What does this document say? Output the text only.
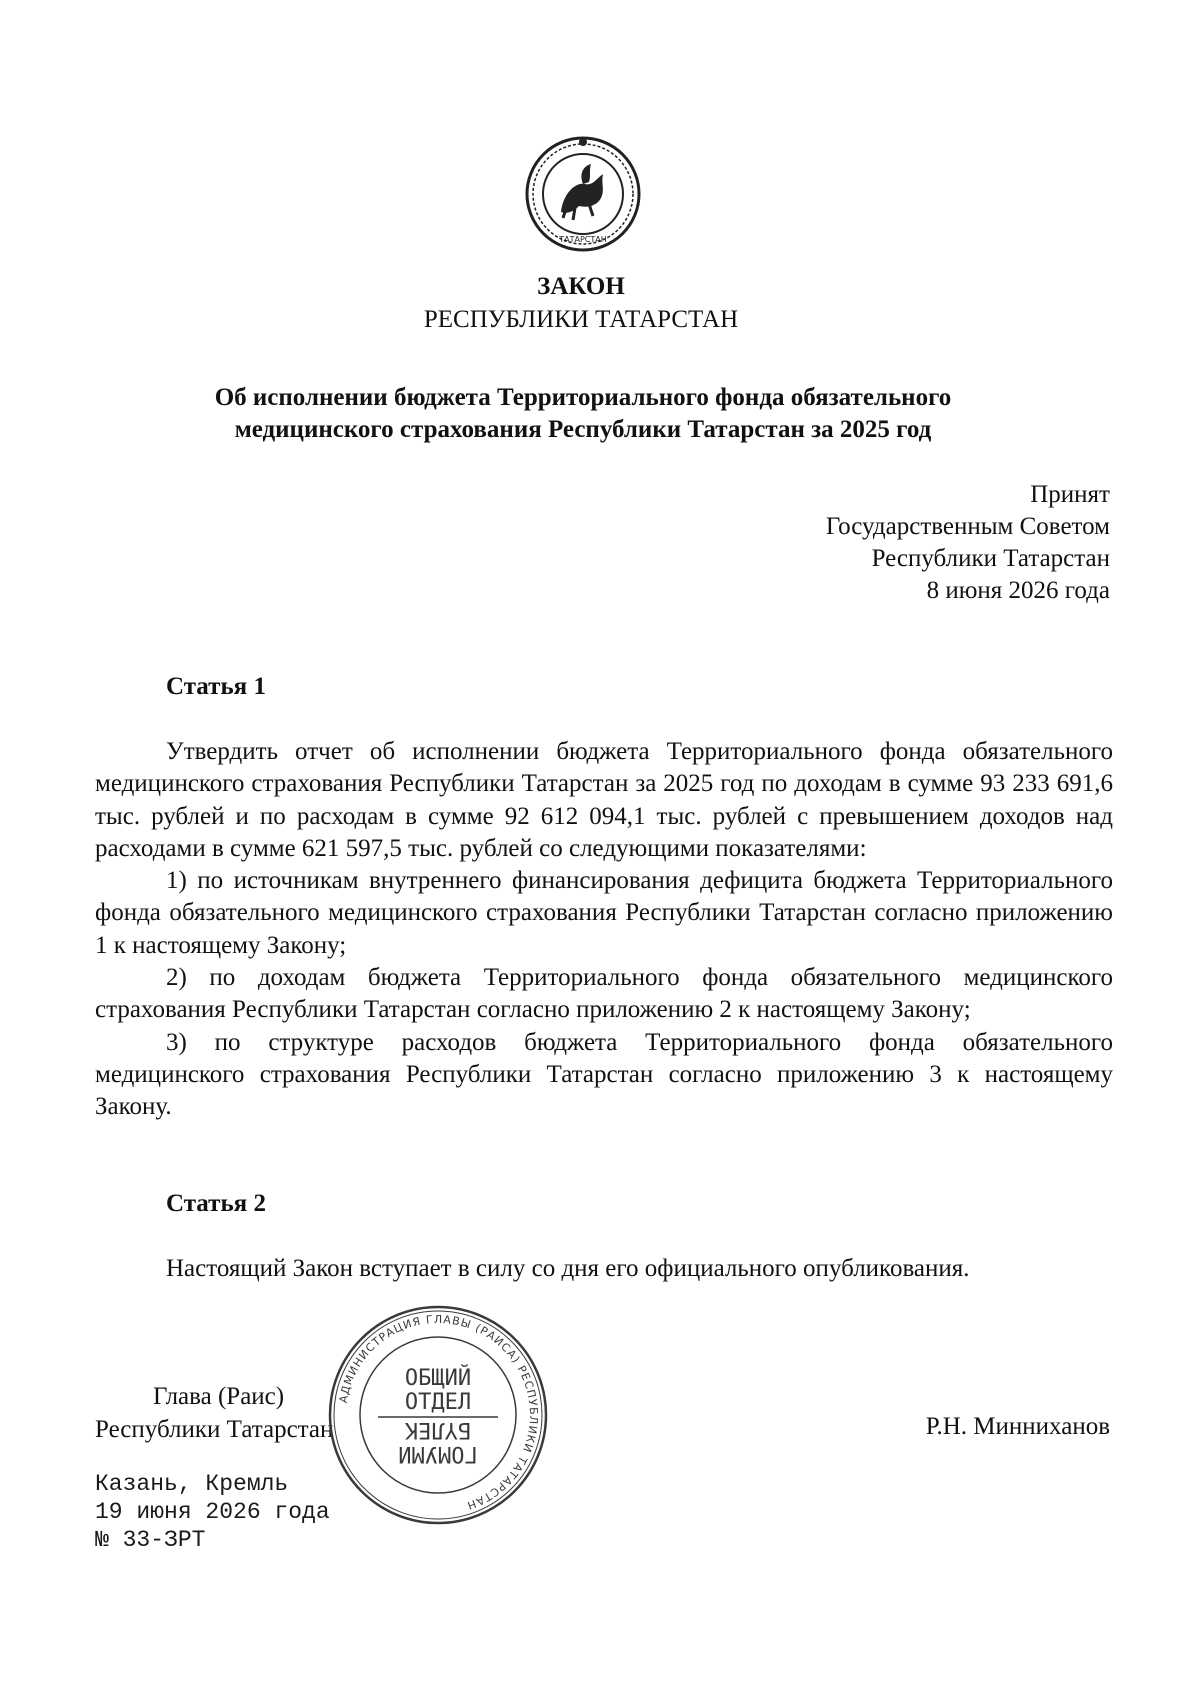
ТАТАРСТАН
ЗАКОН
РЕСПУБЛИКИ ТАТАРСТАН
Об исполнении бюджета Территориального фонда обязательного
медицинского страхования Республики Татарстан за 2025 год
Принят
Государственным Советом
Республики Татарстан
8 июня 2026 года
Статья 1

Утвердить отчет об исполнении бюджета Территориального фонда обязательного медицинского страхования Республики Татарстан за 2025 год по доходам в сумме 93 233 691,6 тыс. рублей и по расходам в сумме 92 612 094,1 тыс. рублей с превышением доходов над расходами в сумме 621 597,5 тыс. рублей со следующими показателями:

1) по источникам внутреннего финансирования дефицита бюджета Территориального фонда обязательного медицинского страхования Республики Татарстан согласно приложению 1 к настоящему Закону;

2) по доходам бюджета Территориального фонда обязательного медицинского страхования Республики Татарстан согласно приложению 2 к настоящему Закону;

3) по структуре расходов бюджета Территориального фонда обязательного медицинского страхования Республики Татарстан согласно приложению 3 к настоящему Закону.

Статья 2

Настоящий Закон вступает в силу со дня его официального опубликования.

Глава (Раис)
Республики Татарстан	Р.Н. Минниханов
Казань, Кремль
19 июня 2026 года
№ 33-ЗРТ
АДМИНИСТРАЦИЯ ГЛАВЫ (РАИСА) РЕСПУБЛИКИ ТАТАРСТАН
ОБЩИЙ
ОТДЕЛ
БҮЛЕК
ГОМУМИ
